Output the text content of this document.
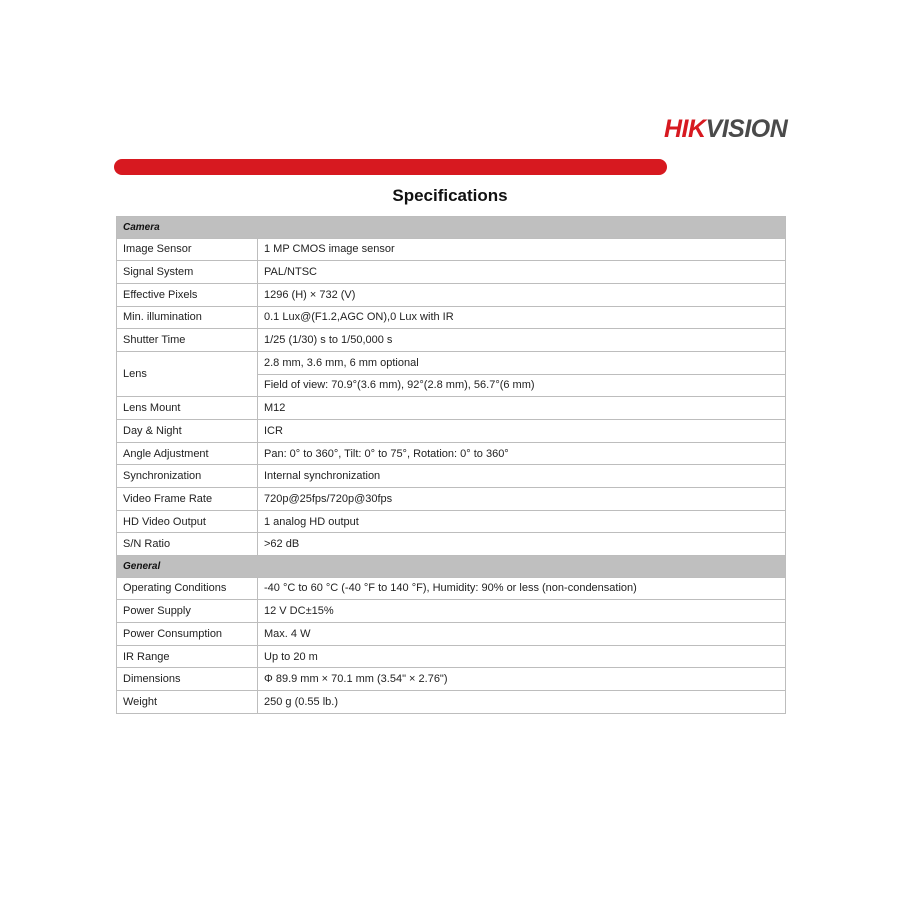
HIKVISION
Specifications
Camera	
Image Sensor	1 MP CMOS image sensor
Signal System	PAL/NTSC
Effective Pixels	1296 (H) × 732 (V)
Min. illumination	0.1 Lux@(F1.2,AGC ON),0 Lux with IR
Shutter Time	1/25 (1/30) s to 1/50,000 s
Lens	2.8 mm, 3.6 mm, 6 mm optional
	Field of view: 70.9°(3.6 mm), 92°(2.8 mm), 56.7°(6 mm)
Lens Mount	M12
Day & Night	ICR
Angle Adjustment	Pan: 0° to 360°, Tilt: 0° to 75°, Rotation: 0° to 360°
Synchronization	Internal synchronization
Video Frame Rate	720p@25fps/720p@30fps
HD Video Output	1 analog HD output
S/N Ratio	>62 dB
General	
Operating Conditions	-40 °C to 60 °C (-40 °F to 140 °F), Humidity: 90% or less (non-condensation)
Power Supply	12 V DC±15%
Power Consumption	Max. 4 W
IR Range	Up to 20 m
Dimensions	Φ 89.9 mm × 70.1 mm (3.54" × 2.76")
Weight	250 g (0.55 lb.)
